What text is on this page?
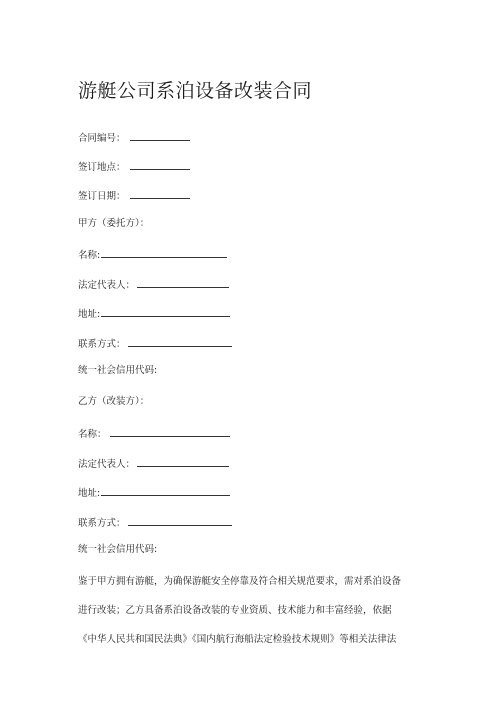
游艇公司系泊设备改装合同
合同编号：
签订地点：
签订日期：
甲方（委托方）：
名称:
法定代表人：
地址:
联系方式：
统一社会信用代码:
乙方（改装方）：
名称：
法定代表人：
地址:
联系方式：
统一社会信用代码:
鉴于甲方拥有游艇，为确保游艇安全停靠及符合相关规范要求，需对系泊设备
进行改装；乙方具备系泊设备改装的专业资质、技术能力和丰富经验，依据
《中华人民共和国民法典》《国内航行海船法定检验技术规则》等相关法律法
